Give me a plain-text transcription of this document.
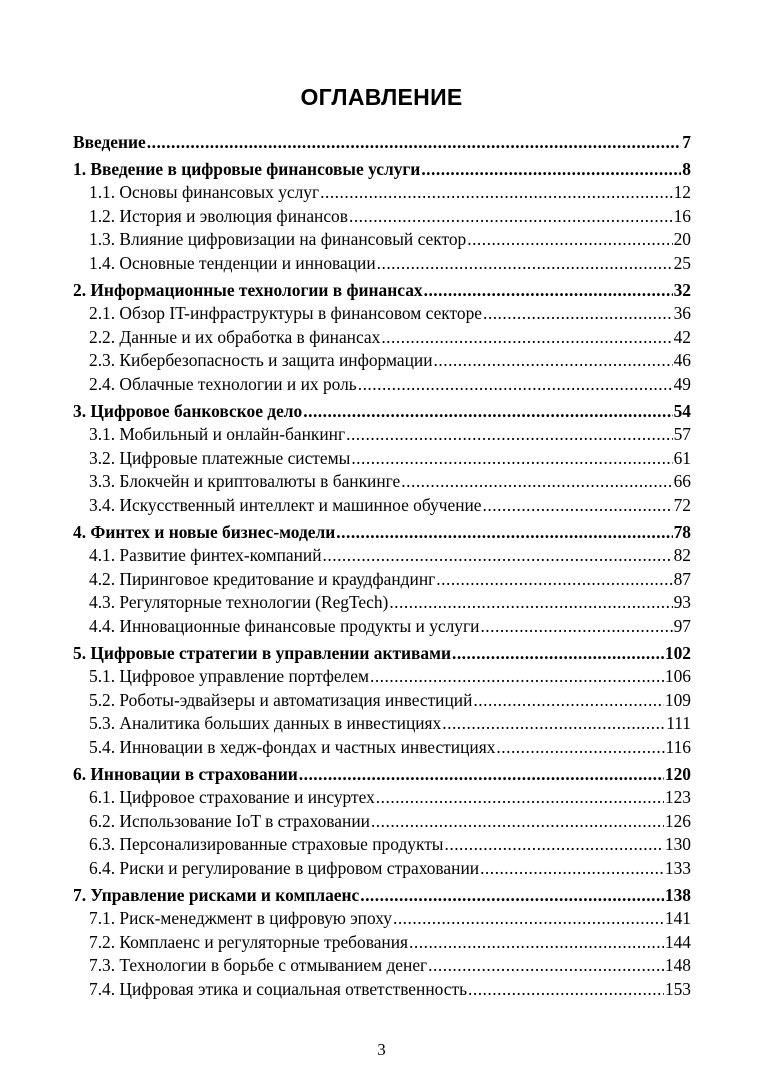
ОГЛАВЛЕНИЕ
Введение .....	7
1. Введение в цифровые финансовые услуги .....	8
1.1. Основы финансовых услуг .....	12
1.2. История и эволюция финансов .....	16
1.3. Влияние цифровизации на финансовый сектор .....	20
1.4. Основные тенденции и инновации .....	25
2. Информационные технологии в финансах .....	32
2.1. Обзор IT-инфраструктуры в финансовом секторе .....	36
2.2. Данные и их обработка в финансах .....	42
2.3. Кибербезопасность и защита информации .....	46
2.4. Облачные технологии и их роль .....	49
3. Цифровое банковское дело .....	54
3.1. Мобильный и онлайн-банкинг .....	57
3.2. Цифровые платежные системы .....	61
3.3. Блокчейн и криптовалюты в банкинге .....	66
3.4. Искусственный интеллект и машинное обучение .....	72
4. Финтех и новые бизнес-модели .....	78
4.1. Развитие финтех-компаний .....	82
4.2. Пиринговое кредитование и краудфандинг .....	87
4.3. Регуляторные технологии (RegTech) .....	93
4.4. Инновационные финансовые продукты и услуги .....	97
5. Цифровые стратегии в управлении активами .....	102
5.1. Цифровое управление портфелем .....	106
5.2. Роботы-эдвайзеры и автоматизация инвестиций .....	109
5.3. Аналитика больших данных в инвестициях .....	111
5.4. Инновации в хедж-фондах и частных инвестициях .....	116
6. Инновации в страховании .....	120
6.1. Цифровое страхование и инсуртех .....	123
6.2. Использование IoT в страховании .....	126
6.3. Персонализированные страховые продукты .....	130
6.4. Риски и регулирование в цифровом страховании .....	133
7. Управление рисками и комплаенс .....	138
7.1. Риск-менеджмент в цифровую эпоху .....	141
7.2. Комплаенс и регуляторные требования .....	144
7.3. Технологии в борьбе с отмыванием денег .....	148
7.4. Цифровая этика и социальная ответственность .....	153
3
